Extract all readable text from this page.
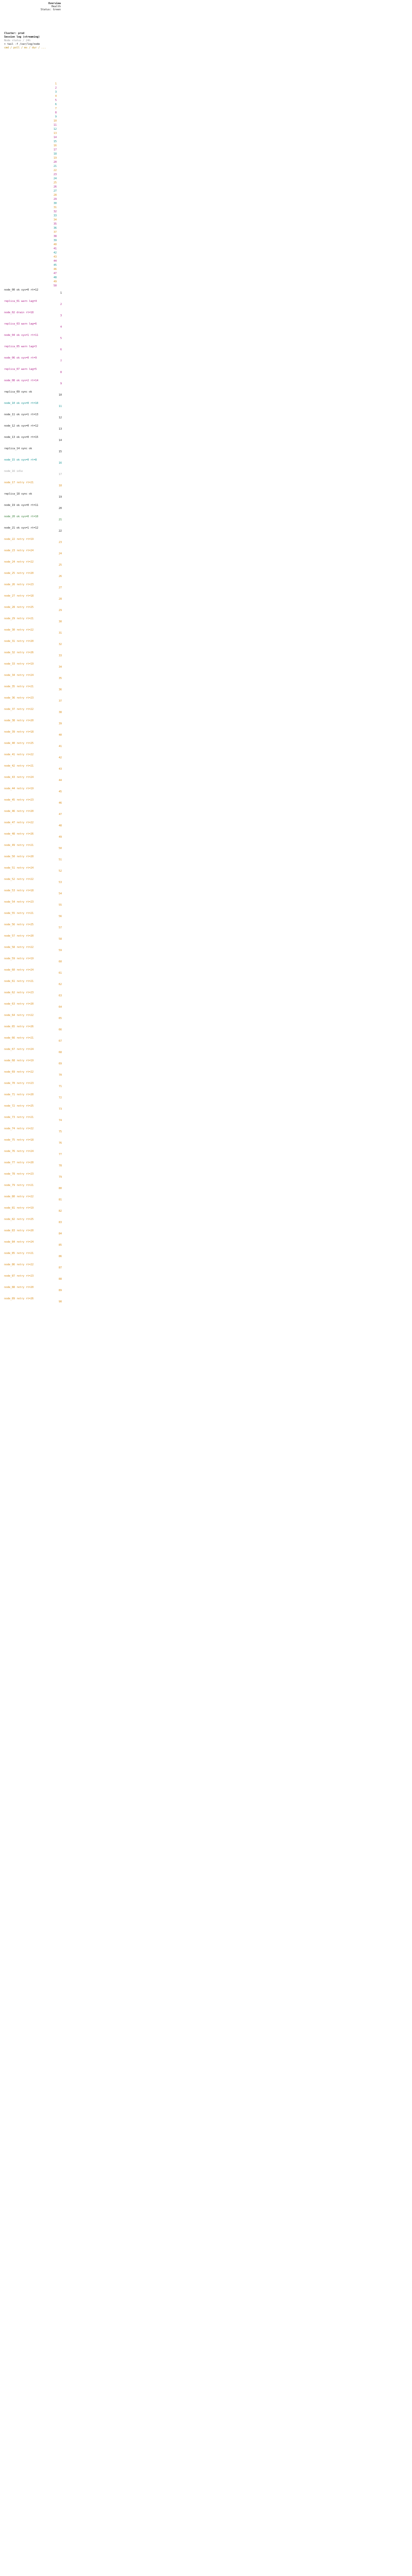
Overview
Health
Status: Green
Cluster: prod
Session log (streaming)
Node status / 24h
> tail -f /var/log/node
cmd / poll / ms / dur / ...
1
2
3
4
5
6
7
8
9
10
11
12
13
14
15
16
17
18
19
20
21
22
23
24
25
26
27
28
29
30
31
32
33
34
35
36
37
38
39
40
41
42
43
44
45
46
47
48
49
50
node_00 ok sys=0 rt=12
1
replica_01 warn lag=4
2
node_02 drain rt=18
3
replica_03 warn lag=6
4
node_04 ok sys=1 rt=11
5
replica_05 warn lag=3
6
node_06 ok sys=0 rt=9
7
replica_07 warn lag=5
8
node_08 ok sys=2 rt=14
9
replica_09 sync ok
10
node_10 ok sys=0 rt=10
11
node_11 ok sys=1 rt=13
12
node_12 ok sys=0 rt=12
13
node_13 ok sys=0 rt=15
14
replica_14 sync ok
15
node_15 ok sys=0 rt=8
16
node_16 idle
17
node_17 retry rt=21
18
replica_18 sync ok
19
node_19 ok sys=0 rt=11
20
node_20 ok sys=0 rt=10
21
node_21 ok sys=1 rt=12
22
node_22 retry rt=19
23
node_23 retry rt=24
24
node_24 retry rt=22
25
node_25 retry rt=20
26
node_26 retry rt=23
27
node_27 retry rt=18
28
node_28 retry rt=25
29
node_29 retry rt=21
30
node_30 retry rt=22
31
node_31 retry rt=20
32
node_32 retry rt=26
33
node_33 retry rt=19
34
node_34 retry rt=24
35
node_35 retry rt=21
36
node_36 retry rt=23
37
node_37 retry rt=22
38
node_38 retry rt=20
39
node_39 retry rt=18
40
node_40 retry rt=25
41
node_41 retry rt=22
42
node_42 retry rt=21
43
node_43 retry rt=24
44
node_44 retry rt=19
45
node_45 retry rt=23
46
node_46 retry rt=20
47
node_47 retry rt=22
48
node_48 retry rt=26
49
node_49 retry rt=21
50
node_50 retry rt=20
51
node_51 retry rt=24
52
node_52 retry rt=22
53
node_53 retry rt=18
54
node_54 retry rt=23
55
node_55 retry rt=21
56
node_56 retry rt=25
57
node_57 retry rt=20
58
node_58 retry rt=22
59
node_59 retry rt=19
60
node_60 retry rt=24
61
node_61 retry rt=21
62
node_62 retry rt=23
63
node_63 retry rt=20
64
node_64 retry rt=22
65
node_65 retry rt=26
66
node_66 retry rt=21
67
node_67 retry rt=24
68
node_68 retry rt=19
69
node_69 retry rt=22
70
node_70 retry rt=23
71
node_71 retry rt=20
72
node_72 retry rt=25
73
node_73 retry rt=21
74
node_74 retry rt=22
75
node_75 retry rt=18
76
node_76 retry rt=24
77
node_77 retry rt=20
78
node_78 retry rt=23
79
node_79 retry rt=21
80
node_80 retry rt=22
81
node_81 retry rt=19
82
node_82 retry rt=25
83
node_83 retry rt=20
84
node_84 retry rt=24
85
node_85 retry rt=21
86
node_86 retry rt=22
87
node_87 retry rt=23
88
node_88 retry rt=20
89
node_89 retry rt=26
90
